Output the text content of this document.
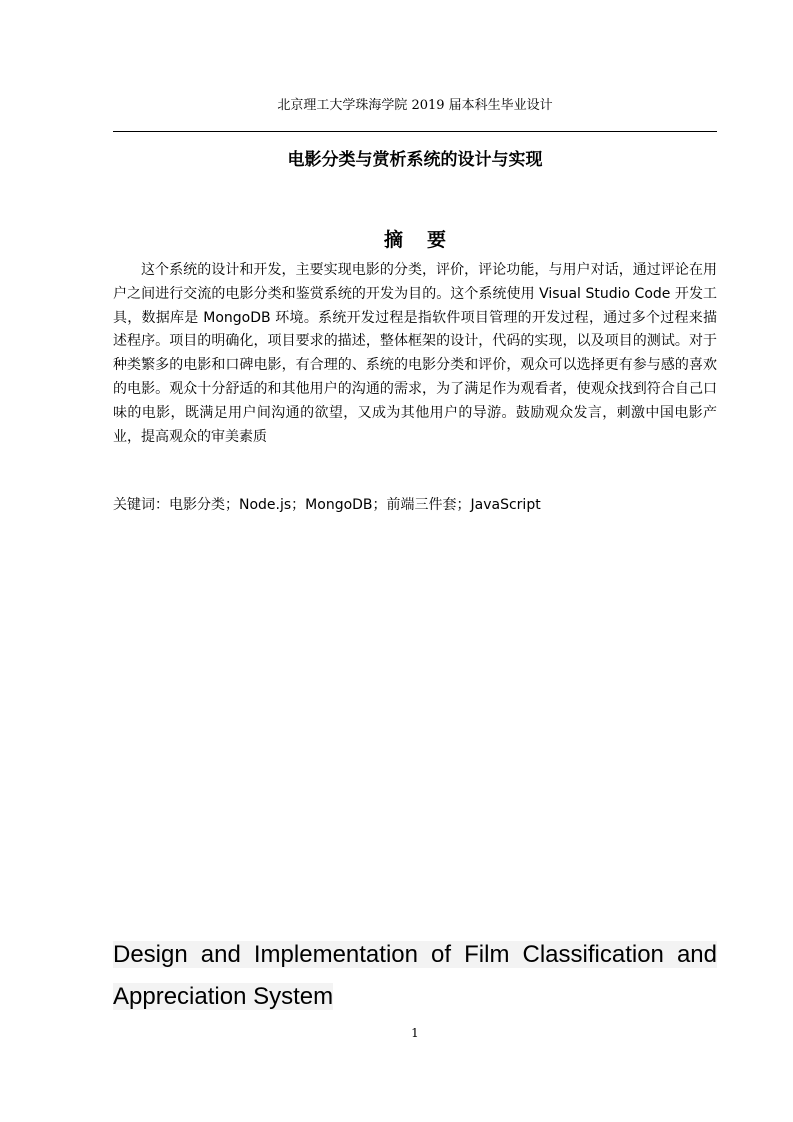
北京理工大学珠海学院 2019 届本科生毕业设计
电影分类与赏析系统的设计与实现
摘要
这个系统的设计和开发，主要实现电影的分类，评价，评论功能，与用户对话，通过评论在用户之间进行交流的电影分类和鉴赏系统的开发为目的。这个系统使用 Visual Studio Code 开发工具，数据库是 MongoDB 环境。系统开发过程是指软件项目管理的开发过程，通过多个过程来描述程序。项目的明确化，项目要求的描述，整体框架的设计，代码的实现，以及项目的测试。对于种类繁多的电影和口碑电影，有合理的、系统的电影分类和评价，观众可以选择更有参与感的喜欢的电影。观众十分舒适的和其他用户的沟通的需求，为了满足作为观看者，使观众找到符合自己口味的电影，既满足用户间沟通的欲望，又成为其他用户的导游。鼓励观众发言，刺激中国电影产业，提高观众的审美素质
关键词：电影分类；Node.js；MongoDB；前端三件套；JavaScript
Design and Implementation of Film Classification and Appreciation System
1
